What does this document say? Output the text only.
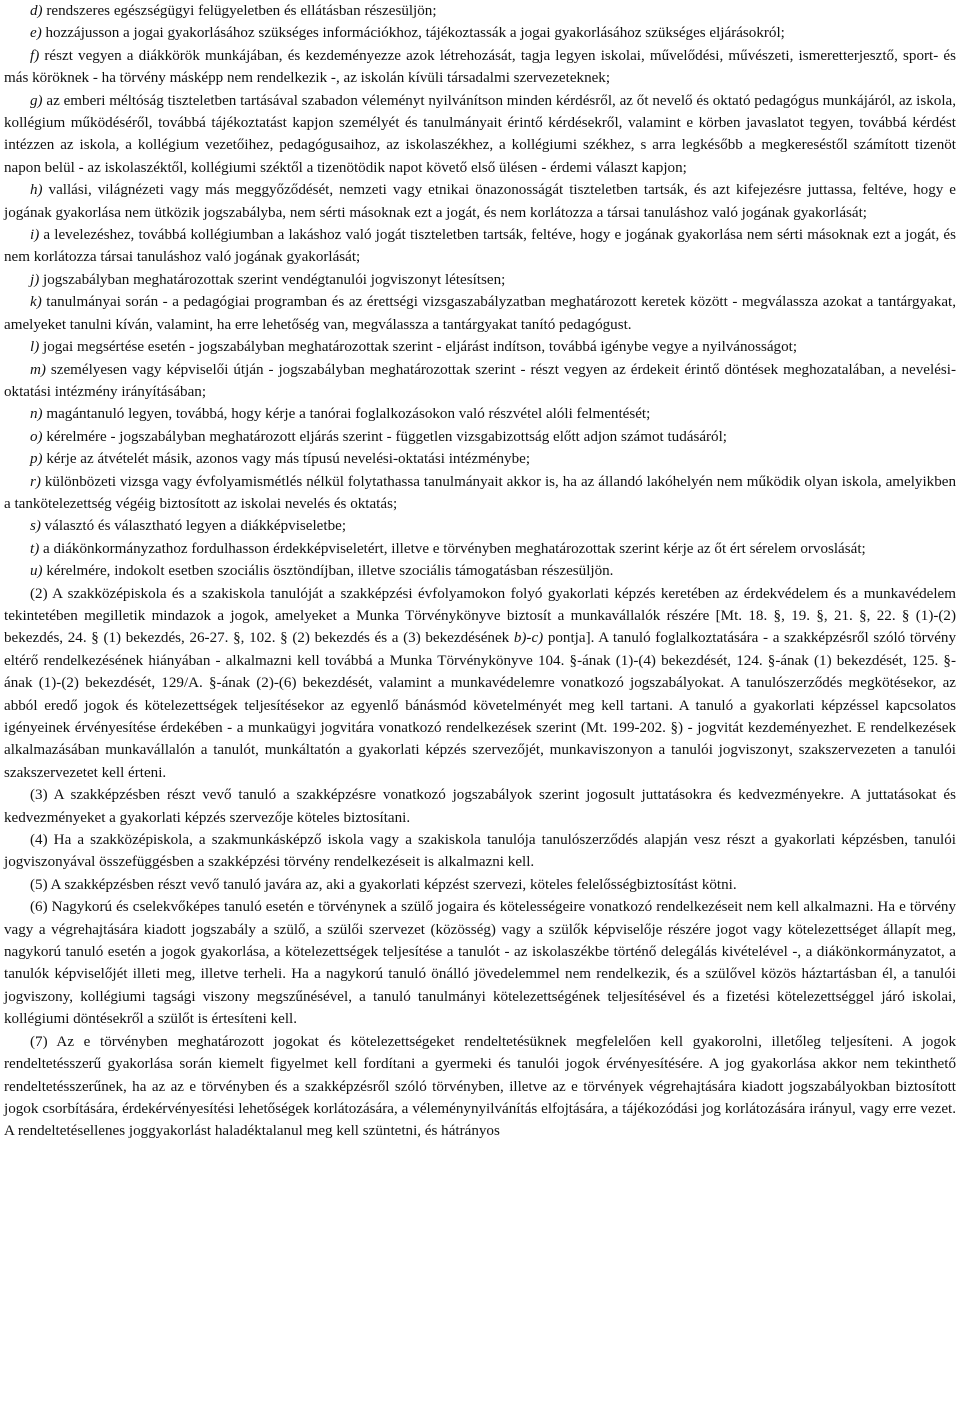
d) rendszeres egészségügyi felügyeletben és ellátásban részesüljön;

e) hozzájusson a jogai gyakorlásához szükséges információkhoz, tájékoztassák a jogai gyakorlásához szükséges eljárásokról;

f) részt vegyen a diákkörök munkájában, és kezdeményezze azok létrehozását, tagja legyen iskolai, művelődési, művészeti, ismeretterjesztő, sport- és más köröknek - ha törvény másképp nem rendelkezik -, az iskolán kívüli társadalmi szervezeteknek;

g) az emberi méltóság tiszteletben tartásával szabadon véleményt nyilvánítson minden kérdésről, az őt nevelő és oktató pedagógus munkájáról, az iskola, kollégium működéséről, továbbá tájékoztatást kapjon személyét és tanulmányait érintő kérdésekről, valamint e körben javaslatot tegyen, továbbá kérdést intézzen az iskola, a kollégium vezetőihez, pedagógusaihoz, az iskolaszékhez, a kollégiumi székhez, s arra legkésőbb a megkereséstől számított tizenöt napon belül - az iskolaszéktől, kollégiumi széktől a tizenötödik napot követő első ülésen - érdemi választ kapjon;

h) vallási, világnézeti vagy más meggyőződését, nemzeti vagy etnikai önazonosságát tiszteletben tartsák, és azt kifejezésre juttassa, feltéve, hogy e jogának gyakorlása nem ütközik jogszabályba, nem sérti másoknak ezt a jogát, és nem korlátozza a társai tanuláshoz való jogának gyakorlását;

i) a levelezéshez, továbbá kollégiumban a lakáshoz való jogát tiszteletben tartsák, feltéve, hogy e jogának gyakorlása nem sérti másoknak ezt a jogát, és nem korlátozza társai tanuláshoz való jogának gyakorlását;

j) jogszabályban meghatározottak szerint vendégtanulói jogviszonyt létesítsen;

k) tanulmányai során - a pedagógiai programban és az érettségi vizsgaszabályzatban meghatározott keretek között - megválassza azokat a tantárgyakat, amelyeket tanulni kíván, valamint, ha erre lehetőség van, megválassza a tantárgyakat tanító pedagógust.

l) jogai megsértése esetén - jogszabályban meghatározottak szerint - eljárást indítson, továbbá igénybe vegye a nyilvánosságot;

m) személyesen vagy képviselői útján - jogszabályban meghatározottak szerint - részt vegyen az érdekeit érintő döntések meghozatalában, a nevelési-oktatási intézmény irányításában;

n) magántanuló legyen, továbbá, hogy kérje a tanórai foglalkozásokon való részvétel alóli felmentését;

o) kérelmére - jogszabályban meghatározott eljárás szerint - független vizsgabizottság előtt adjon számot tudásáról;

p) kérje az átvételét másik, azonos vagy más típusú nevelési-oktatási intézménybe;

r) különbözeti vizsga vagy évfolyamismétlés nélkül folytathassa tanulmányait akkor is, ha az állandó lakóhelyén nem működik olyan iskola, amelyikben a tankötelezettség végéig biztosított az iskolai nevelés és oktatás;

s) választó és választható legyen a diákképviseletbe;

t) a diákönkormányzathoz fordulhasson érdekképviseletért, illetve e törvényben meghatározottak szerint kérje az őt ért sérelem orvoslását;

u) kérelmére, indokolt esetben szociális ösztöndíjban, illetve szociális támogatásban részesüljön.

(2) A szakközépiskola és a szakiskola tanulóját a szakképzési évfolyamokon folyó gyakorlati képzés keretében az érdekvédelem és a munkavédelem tekintetében megilletik mindazok a jogok, amelyeket a Munka Törvénykönyve biztosít a munkavállalók részére [Mt. 18. §, 19. §, 21. §, 22. § (1)-(2) bekezdés, 24. § (1) bekezdés, 26-27. §, 102. § (2) bekezdés és a (3) bekezdésének b)-c) pontja]. A tanuló foglalkoztatására - a szakképzésről szóló törvény eltérő rendelkezésének hiányában - alkalmazni kell továbbá a Munka Törvénykönyve 104. §-ának (1)-(4) bekezdését, 124. §-ának (1) bekezdését, 125. §-ának (1)-(2) bekezdését, 129/A. §-ának (2)-(6) bekezdését, valamint a munkavédelemre vonatkozó jogszabályokat. A tanulószerződés megkötésekor, az abból eredő jogok és kötelezettségek teljesítésekor az egyenlő bánásmód követelményét meg kell tartani. A tanuló a gyakorlati képzéssel kapcsolatos igényeinek érvényesítése érdekében - a munkaügyi jogvitára vonatkozó rendelkezések szerint (Mt. 199-202. §) - jogvitát kezdeményezhet. E rendelkezések alkalmazásában munkavállalón a tanulót, munkáltatón a gyakorlati képzés szervezőjét, munkaviszonyon a tanulói jogviszonyt, szakszervezeten a tanulói szakszervezetet kell érteni.

(3) A szakképzésben részt vevő tanuló a szakképzésre vonatkozó jogszabályok szerint jogosult juttatásokra és kedvezményekre. A juttatásokat és kedvezményeket a gyakorlati képzés szervezője köteles biztosítani.

(4) Ha a szakközépiskola, a szakmunkásképző iskola vagy a szakiskola tanulója tanulószerződés alapján vesz részt a gyakorlati képzésben, tanulói jogviszonyával összefüggésben a szakképzési törvény rendelkezéseit is alkalmazni kell.

(5) A szakképzésben részt vevő tanuló javára az, aki a gyakorlati képzést szervezi, köteles felelősségbiztosítást kötni.

(6) Nagykorú és cselekvőképes tanuló esetén e törvénynek a szülő jogaira és kötelességeire vonatkozó rendelkezéseit nem kell alkalmazni. Ha e törvény vagy a végrehajtására kiadott jogszabály a szülő, a szülői szervezet (közösség) vagy a szülők képviselője részére jogot vagy kötelezettséget állapít meg, nagykorú tanuló esetén a jogok gyakorlása, a kötelezettségek teljesítése a tanulót - az iskolaszékbe történő delegálás kivételével -, a diákönkormányzatot, a tanulók képviselőjét illeti meg, illetve terheli. Ha a nagykorú tanuló önálló jövedelemmel nem rendelkezik, és a szülővel közös háztartásban él, a tanulói jogviszony, kollégiumi tagsági viszony megszűnésével, a tanuló tanulmányi kötelezettségének teljesítésével és a fizetési kötelezettséggel járó iskolai, kollégiumi döntésekről a szülőt is értesíteni kell.

(7) Az e törvényben meghatározott jogokat és kötelezettségeket rendeltetésüknek megfelelően kell gyakorolni, illetőleg teljesíteni. A jogok rendeltetésszerű gyakorlása során kiemelt figyelmet kell fordítani a gyermeki és tanulói jogok érvényesítésére. A jog gyakorlása akkor nem tekinthető rendeltetésszerűnek, ha az az e törvényben és a szakképzésről szóló törvényben, illetve az e törvények végrehajtására kiadott jogszabályokban biztosított jogok csorbítására, érdekérvényesítési lehetőségek korlátozására, a véleménynyilvánítás elfojtására, a tájékozódási jog korlátozására irányul, vagy erre vezet. A rendeltetésellenes joggyakorlást haladéktalanul meg kell szüntetni, és hátrányos
